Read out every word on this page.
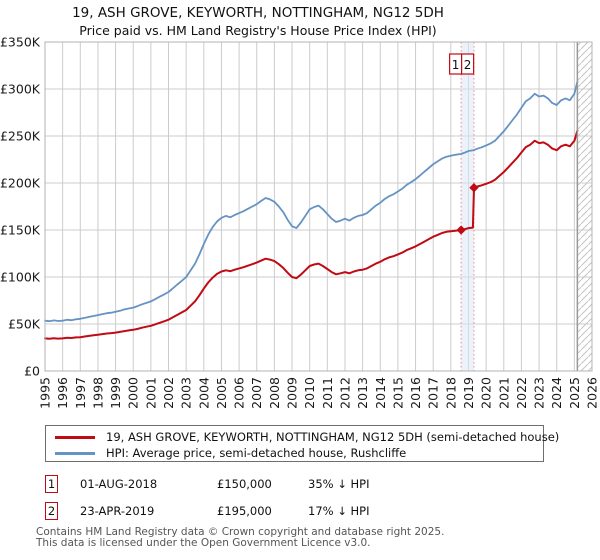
1 2
£0
£50K
£100K
£150K
£200K
£250K
£300K
£350K
1995 1996 1997 1998 1999 2000 2001 2002 2003 2004 2005 2006 2007 2008 2009 2010 2011 2012 2013 2014 2015 2016 2017 2018 2019 2020 2021 2022 2023 2024 2025 2026
19, ASH GROVE, KEYWORTH, NOTTINGHAM, NG12 5DH
Price paid vs. HM Land Registry's House Price Index (HPI)
19, ASH GROVE, KEYWORTH, NOTTINGHAM, NG12 5DH (semi-detached house)
HPI: Average price, semi-detached house, Rushcliffe
1 01-AUG-2018	£150,000	35% ↓ HPI
2 23-APR-2019	£195,000	17% ↓ HPI
Contains HM Land Registry data © Crown copyright and database right 2025.
This data is licensed under the Open Government Licence v3.0.
